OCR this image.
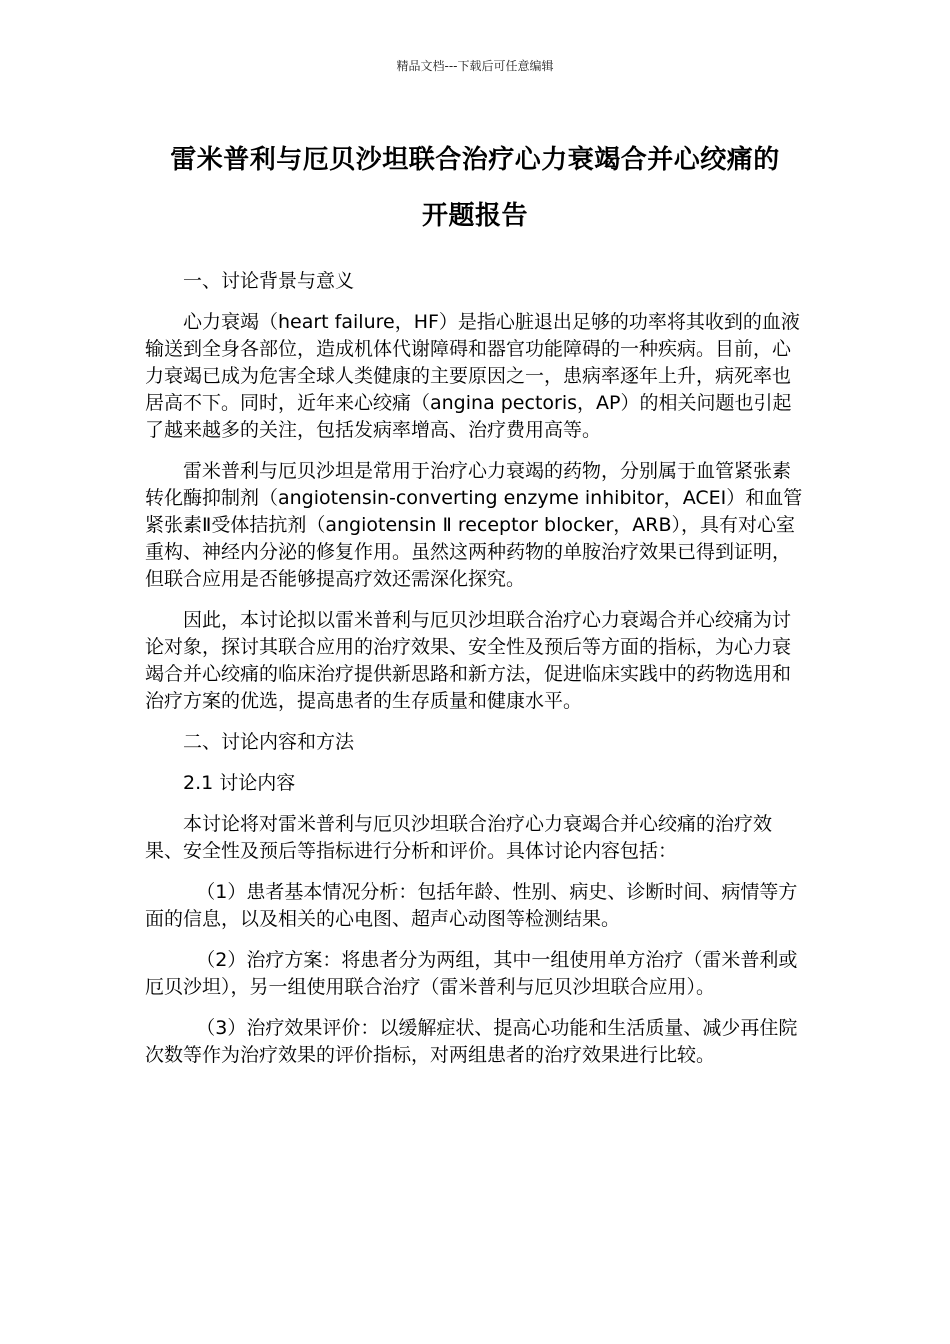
精品文档---下载后可任意编辑
雷米普利与厄贝沙坦联合治疗心力衰竭合并心绞痛的
开题报告

一、讨论背景与意义

心力衰竭（heart failure，HF）是指心脏退出足够的功率将其收到的血液输送到全身各部位，造成机体代谢障碍和器官功能障碍的一种疾病。目前，心力衰竭已成为危害全球人类健康的主要原因之一，患病率逐年上升，病死率也居高不下。同时，近年来心绞痛（angina pectoris，AP）的相关问题也引起了越来越多的关注，包括发病率增高、治疗费用高等。

雷米普利与厄贝沙坦是常用于治疗心力衰竭的药物，分别属于血管紧张素转化酶抑制剂（angiotensin-converting enzyme inhibitor，ACEI）和血管紧张素Ⅱ受体拮抗剂（angiotensin Ⅱ receptor blocker，ARB），具有对心室重构、神经内分泌的修复作用。虽然这两种药物的单胺治疗效果已得到证明，但联合应用是否能够提高疗效还需深化探究。

因此，本讨论拟以雷米普利与厄贝沙坦联合治疗心力衰竭合并心绞痛为讨论对象，探讨其联合应用的治疗效果、安全性及预后等方面的指标，为心力衰竭合并心绞痛的临床治疗提供新思路和新方法，促进临床实践中的药物选用和治疗方案的优选，提高患者的生存质量和健康水平。

二、讨论内容和方法

2.1 讨论内容

本讨论将对雷米普利与厄贝沙坦联合治疗心力衰竭合并心绞痛的治疗效果、安全性及预后等指标进行分析和评价。具体讨论内容包括：

（1）患者基本情况分析：包括年龄、性别、病史、诊断时间、病情等方面的信息，以及相关的心电图、超声心动图等检测结果。

（2）治疗方案：将患者分为两组，其中一组使用单方治疗（雷米普利或厄贝沙坦），另一组使用联合治疗（雷米普利与厄贝沙坦联合应用）。

（3）治疗效果评价：以缓解症状、提高心功能和生活质量、减少再住院次数等作为治疗效果的评价指标，对两组患者的治疗效果进行比较。
